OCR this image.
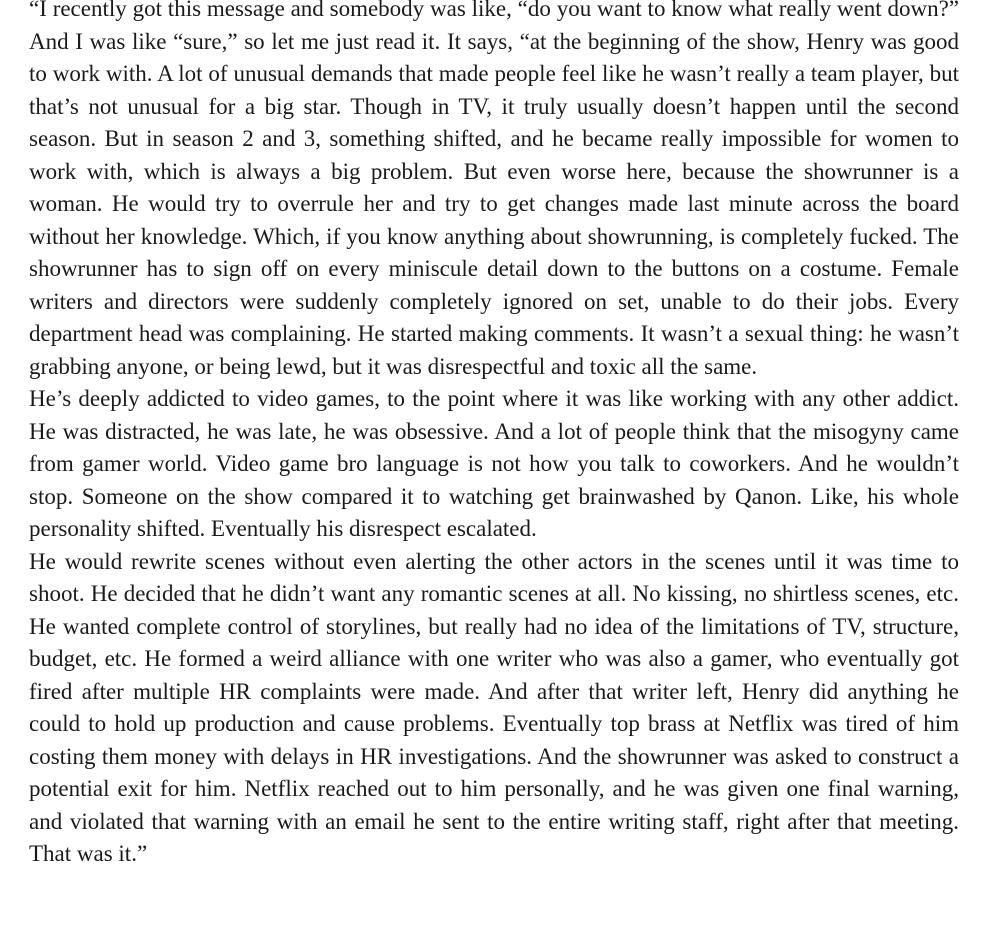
“I recently got this message and somebody was like, “do you want to know what really went down?” And I was like “sure,” so let me just read it. It says, “at the beginning of the show, Henry was good to work with. A lot of unusual demands that made people feel like he wasn’t really a team player, but that’s not unusual for a big star. Though in TV, it truly usually doesn’t happen until the second season. But in season 2 and 3, something shifted, and he became really impossible for women to work with, which is always a big problem. But even worse here, because the showrunner is a woman. He would try to overrule her and try to get changes made last minute across the board without her knowledge. Which, if you know anything about showrunning, is completely fucked. The showrunner has to sign off on every miniscule detail down to the buttons on a costume. Female writers and directors were suddenly completely ignored on set, unable to do their jobs. Every department head was complaining. He started making comments. It wasn’t a sexual thing: he wasn’t grabbing anyone, or being lewd, but it was disrespectful and toxic all the same.

He’s deeply addicted to video games, to the point where it was like working with any other addict. He was distracted, he was late, he was obsessive. And a lot of people think that the misogyny came from gamer world. Video game bro language is not how you talk to coworkers. And he wouldn’t stop. Someone on the show compared it to watching get brainwashed by Qanon. Like, his whole personality shifted. Eventually his disrespect escalated.

He would rewrite scenes without even alerting the other actors in the scenes until it was time to shoot. He decided that he didn’t want any romantic scenes at all. No kissing, no shirtless scenes, etc. He wanted complete control of storylines, but really had no idea of the limitations of TV, structure, budget, etc. He formed a weird alliance with one writer who was also a gamer, who eventually got fired after multiple HR complaints were made. And after that writer left, Henry did anything he could to hold up production and cause problems. Eventually top brass at Netflix was tired of him costing them money with delays in HR investigations. And the showrunner was asked to construct a potential exit for him. Netflix reached out to him personally, and he was given one final warning, and violated that warning with an email he sent to the entire writing staff, right after that meeting. That was it.”
